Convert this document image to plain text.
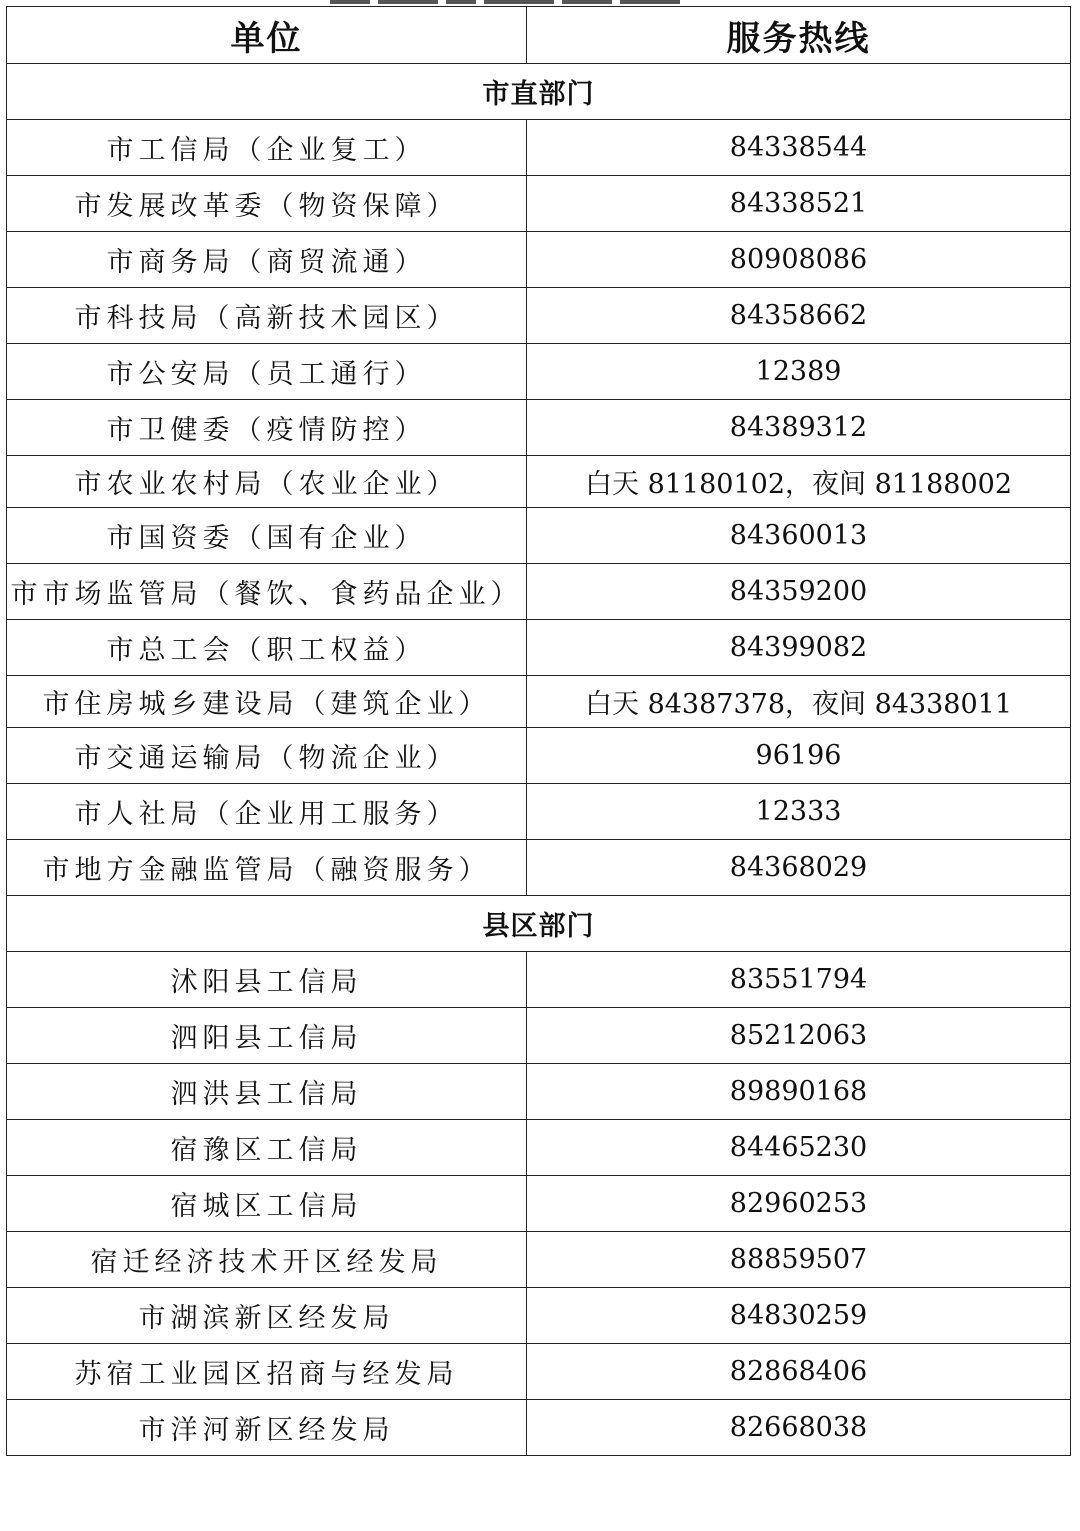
单位	服务热线
市直部门	
市工信局（企业复工）	84338544
市发展改革委（物资保障）	84338521
市商务局（商贸流通）	80908086
市科技局（高新技术园区）	84358662
市公安局（员工通行）	12389
市卫健委（疫情防控）	84389312
市农业农村局（农业企业）	白天 81180102，夜间 81188002
市国资委（国有企业）	84360013
市市场监管局（餐饮、食药品企业）	84359200
市总工会（职工权益）	84399082
市住房城乡建设局（建筑企业）	白天 84387378，夜间 84338011
市交通运输局（物流企业）	96196
市人社局（企业用工服务）	12333
市地方金融监管局（融资服务）	84368029
县区部门	
沭阳县工信局	83551794
泗阳县工信局	85212063
泗洪县工信局	89890168
宿豫区工信局	84465230
宿城区工信局	82960253
宿迁经济技术开区经发局	88859507
市湖滨新区经发局	84830259
苏宿工业园区招商与经发局	82868406
市洋河新区经发局	82668038
